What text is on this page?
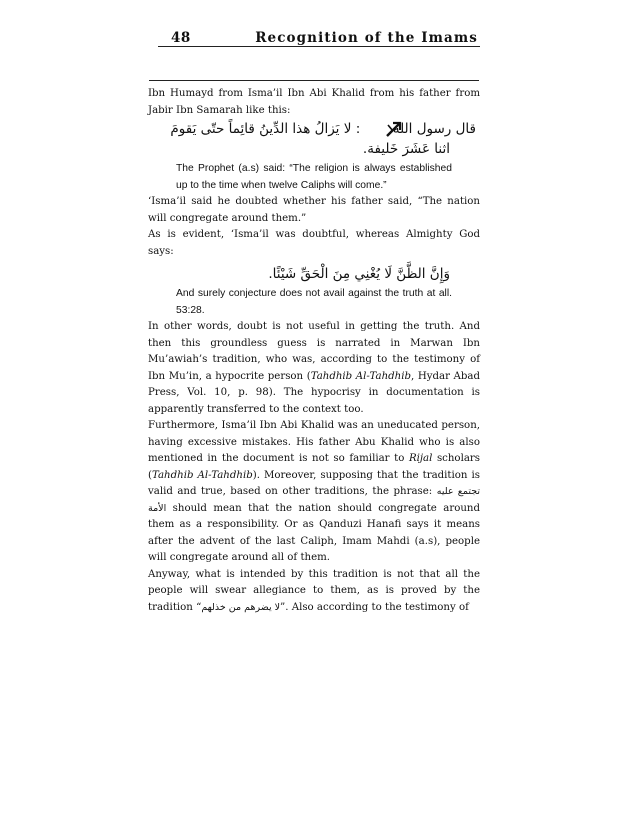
48	Recognition of the Imams

Ibn Humayd from Isma’il Ibn Abi Khalid from his father from Jabir Ibn Samarah like this:

قال رسول الله  : لا يَزالُ هذا الدِّينُ قائِماً حتّى يَقومَ

اثنا عَشَرَ خَليفة.

The Prophet (a.s) said: “The religion is always established up to the time when twelve Caliphs will come.”

‘Isma’il said he doubted whether his father said, “The nation will congregate around them.”

As is evident, ‘Isma’il was doubtful, whereas Almighty God says:

وَإِنَّ الظَّنَّ لَا يُغْنِي مِنَ الْحَقِّ شَيْئًا.

And surely conjecture does not avail against the truth at all. 53:28.

In other words, doubt is not useful in getting the truth. And then this groundless guess is narrated in Marwan Ibn Mu’awiah’s tradition, who was, according to the testimony of Ibn Mu’in, a hypocrite person (Tahdhib Al-Tahdhib, Hydar Abad Press, Vol. 10, p. 98). The hypocrisy in documentation is apparently transferred to the context too.

Furthermore, Isma’il Ibn Abi Khalid was an uneducated person, having excessive mistakes. His father Abu Khalid who is also mentioned in the document is not so familiar to Rijal scholars (Tahdhib Al-Tahdhib). Moreover, supposing that the tradition is valid and true, based on other traditions, the phrase: تجتمع عليه الأمة should mean that the nation should congregate around them as a responsibility. Or as Qanduzi Hanafi says it means after the advent of the last Caliph, Imam Mahdi (a.s), people will congregate around all of them.

Anyway, what is intended by this tradition is not that all the people will swear allegiance to them, as is proved by the tradition “لا يضرهم من خذلهم”. Also according to the testimony of
